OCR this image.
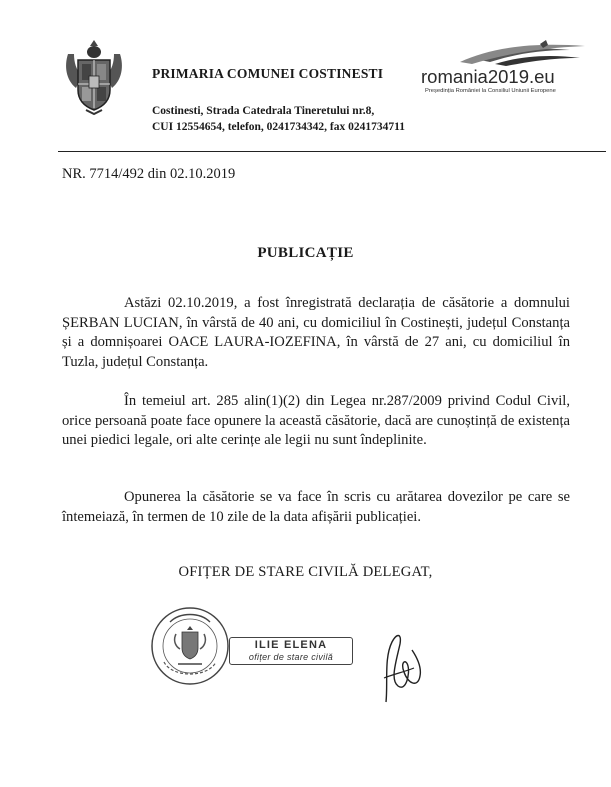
PRIMARIA COMUNEI COSTINESTI
Costinesti, Strada Catedrala Tineretului nr.8,
CUI 12554654, telefon, 0241734342, fax 0241734711
romania2019.eu
Președinția României la Consiliul Uniunii Europene
NR. 7714/492 din 02.10.2019
PUBLICAȚIE
Astăzi 02.10.2019, a fost înregistrată declarația de căsătorie a domnului ȘERBAN LUCIAN, în vârstă de 40 ani, cu domiciliul în Costinești, județul Constanța și a domnișoarei OACE LAURA-IOZEFINA, în vârstă de 27 ani, cu domiciliul în Tuzla, județul Constanța.
În temeiul art. 285 alin(1)(2) din Legea nr.287/2009 privind Codul Civil, orice persoană poate face opunere la această căsătorie, dacă are cunoștință de existența unei piedici legale, ori alte cerințe ale legii nu sunt îndeplinite.
Opunerea la căsătorie se va face în scris cu arătarea dovezilor pe care se întemeiază, în termen de 10 zile de la data afișării publicației.
OFIȚER DE STARE CIVILĂ DELEGAT,
ILIE ELENA
ofițer de stare civilă
